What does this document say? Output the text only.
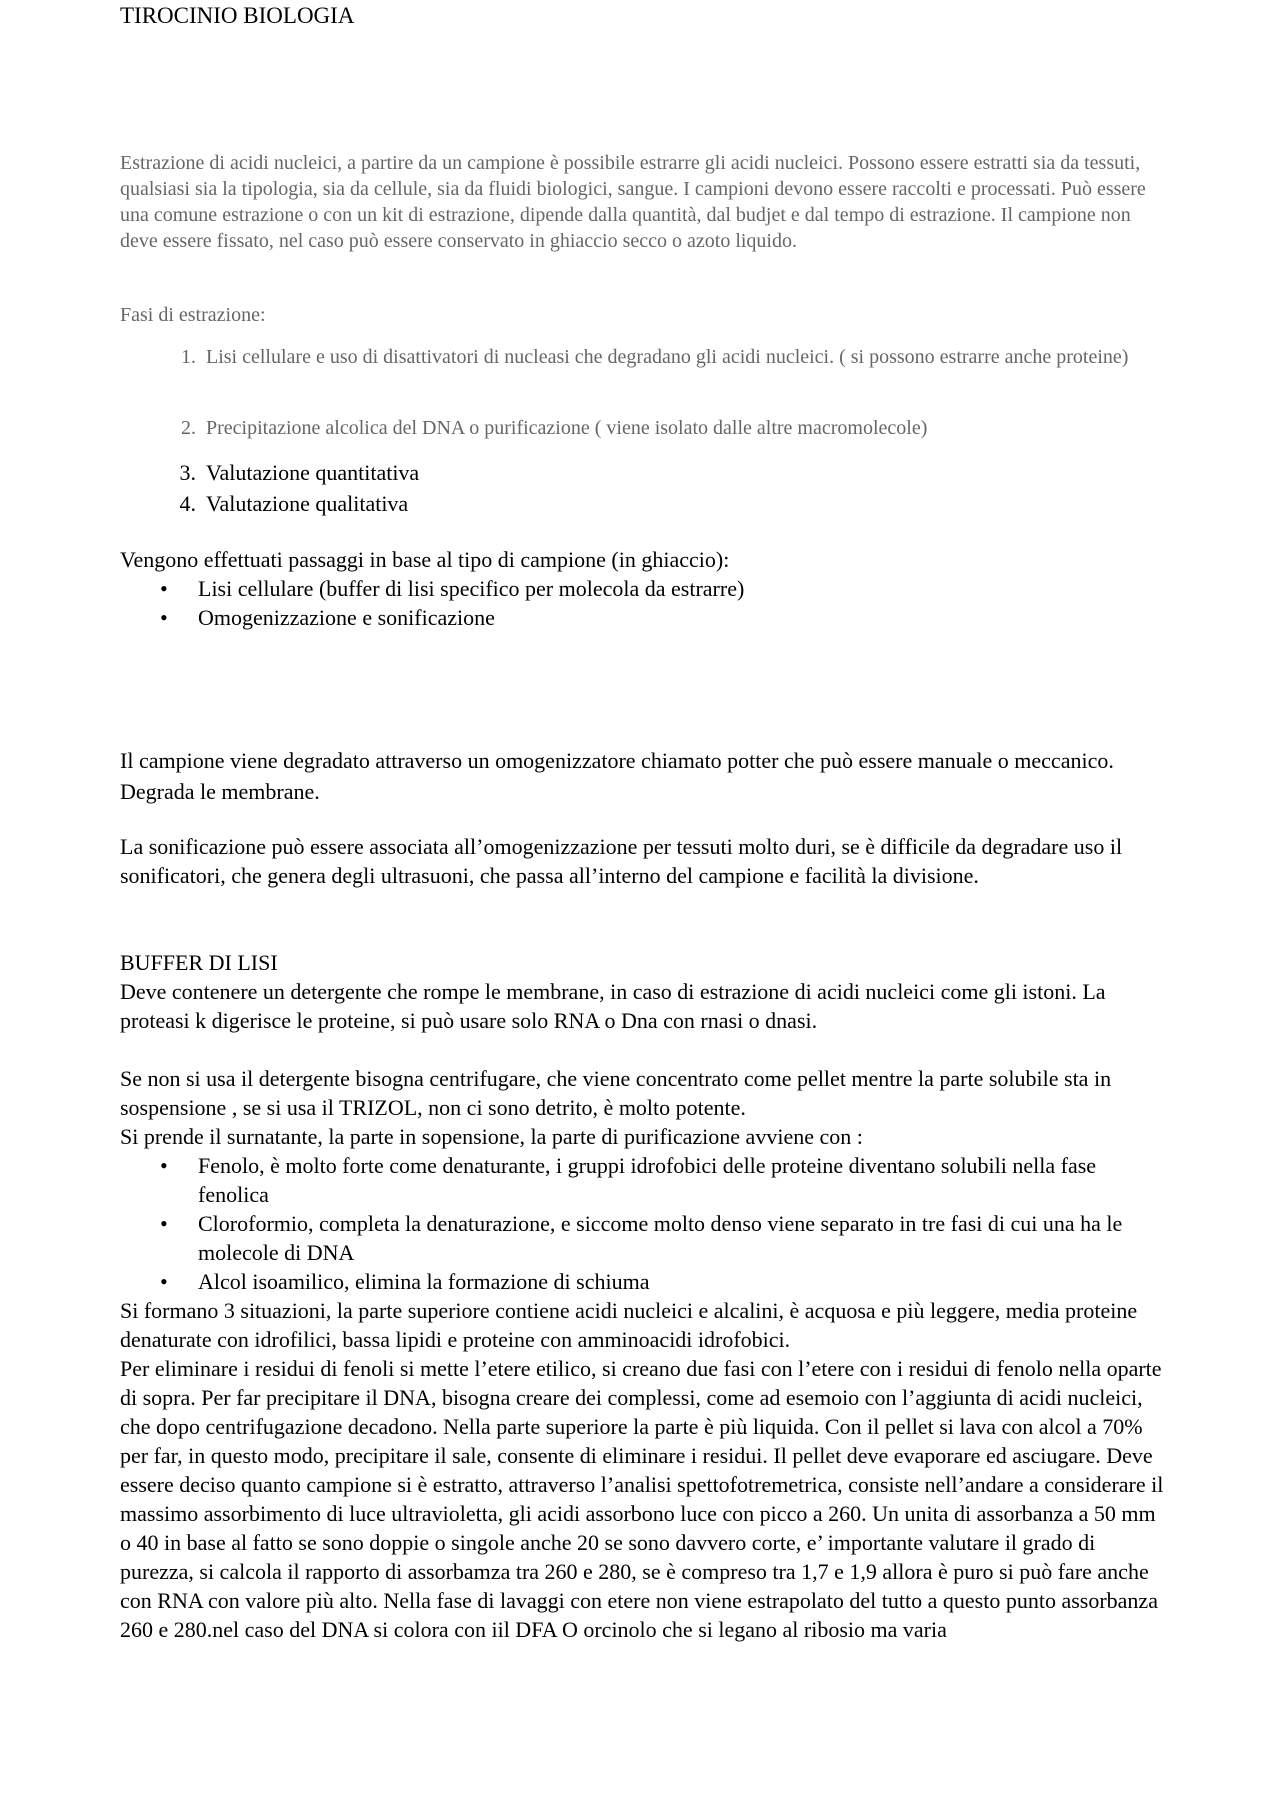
TIROCINIO BIOLOGIA
Estrazione di acidi nucleici, a partire da un campione è possibile estrarre gli acidi nucleici. Possono essere estratti sia da tessuti, qualsiasi sia la tipologia, sia da cellule, sia da fluidi biologici, sangue. I campioni devono essere raccolti e processati. Può essere una comune estrazione o con un kit di estrazione, dipende dalla quantità, dal budjet e dal tempo di estrazione. Il campione non deve essere fissato, nel caso può essere conservato in ghiaccio secco o azoto liquido.
Fasi di estrazione:
1. Lisi cellulare e uso di disattivatori di nucleasi che degradano gli acidi nucleici. ( si possono estrarre anche proteine)
2. Precipitazione alcolica del DNA o purificazione ( viene isolato dalle altre macromolecole)
3. Valutazione quantitativa
4. Valutazione qualitativa
Vengono effettuati passaggi in base al tipo di campione (in ghiaccio):
• Lisi cellulare (buffer di lisi specifico per molecola da estrarre)
• Omogenizzazione e sonificazione
Il campione viene degradato attraverso un omogenizzatore chiamato potter che può essere manuale o meccanico. Degrada le membrane.
La sonificazione può essere associata all’omogenizzazione per tessuti molto duri, se è difficile da degradare uso il sonificatori, che genera degli ultrasuoni, che passa all’interno del campione e facilità la divisione.
BUFFER DI LISI
Deve contenere un detergente che rompe le membrane, in caso di estrazione di acidi nucleici come gli istoni. La proteasi k digerisce le proteine, si può usare solo RNA o Dna con rnasi o dnasi.
Se non si usa il detergente bisogna centrifugare, che viene concentrato come pellet mentre la parte solubile sta in sospensione , se si usa il TRIZOL, non ci sono detrito, è molto potente.
Si prende il surnatante, la parte in sopensione, la parte di purificazione avviene con :
• Fenolo, è molto forte come denaturante, i gruppi idrofobici delle proteine diventano solubili nella fase fenolica
• Cloroformio, completa la denaturazione, e siccome molto denso viene separato in tre fasi di cui una ha le molecole di DNA
• Alcol isoamilico, elimina la formazione di schiuma
Si formano 3 situazioni, la parte superiore contiene acidi nucleici e alcalini, è acquosa e più leggere, media proteine denaturate con idrofilici, bassa lipidi e proteine con amminoacidi idrofobici.
Per eliminare i residui di fenoli si mette l’etere etilico, si creano due fasi con l’etere con i residui di fenolo nella oparte di sopra. Per far precipitare il DNA, bisogna creare dei complessi, come ad esemoio con l’aggiunta di acidi nucleici, che dopo centrifugazione decadono. Nella parte superiore la parte è più liquida. Con il pellet si lava con alcol a 70% per far, in questo modo, precipitare il sale, consente di eliminare i residui. Il pellet deve evaporare ed asciugare. Deve essere deciso quanto campione si è estratto, attraverso l’analisi spettofotremetrica, consiste nell’andare a considerare il massimo assorbimento di luce ultravioletta, gli acidi assorbono luce con picco a 260. Un unita di assorbanza a 50 mm o 40 in base al fatto se sono doppie o singole anche 20 se sono davvero corte, e’ importante valutare il grado di purezza, si calcola il rapporto di assorbamza tra 260 e 280, se è compreso tra 1,7 e 1,9 allora è puro si può fare anche con RNA con valore più alto. Nella fase di lavaggi con etere non viene estrapolato del tutto a questo punto assorbanza 260 e 280.nel caso del DNA si colora con iil DFA O orcinolo che si legano al ribosio ma varia
